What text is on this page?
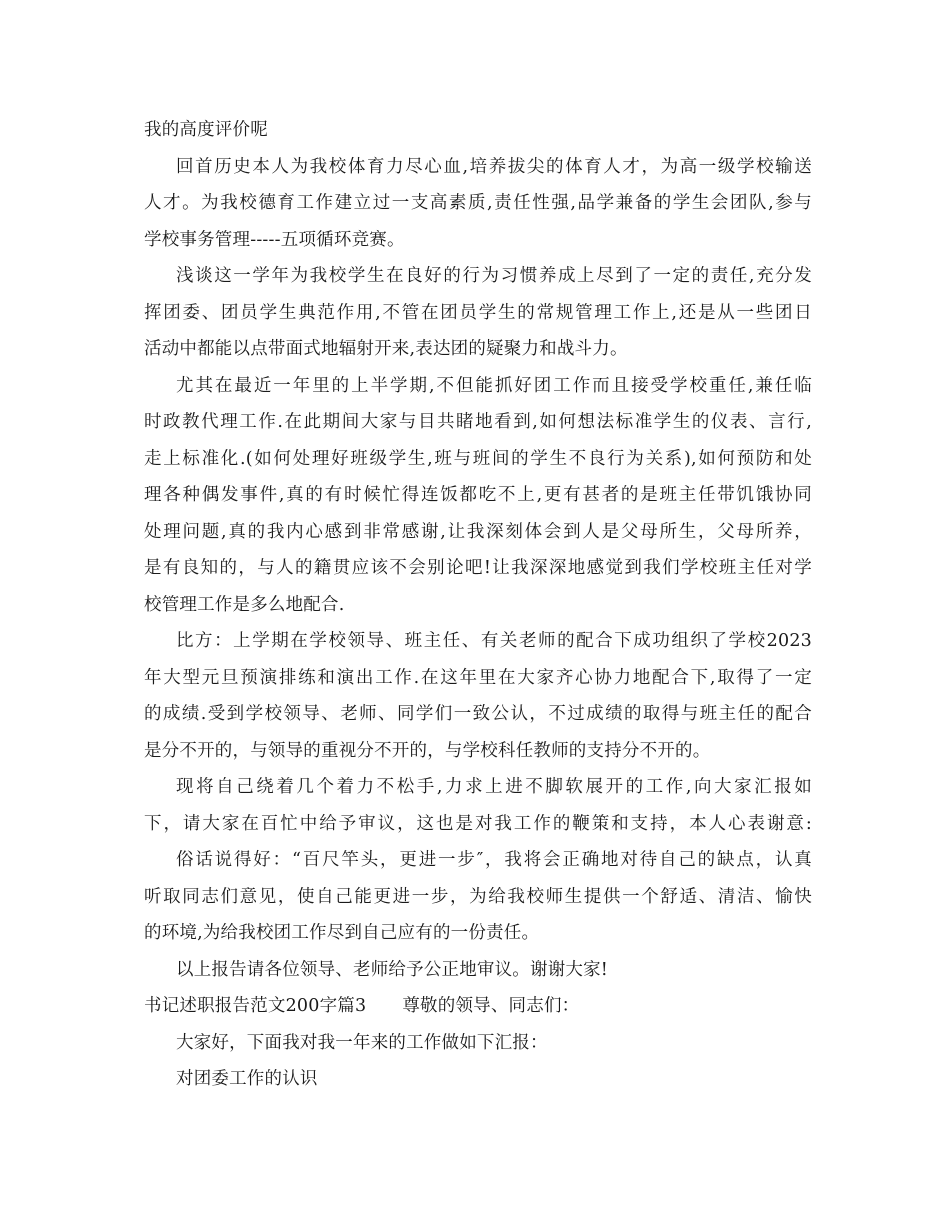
我的高度评价呢
回首历史本人为我校体育力尽心血,培养拔尖的体育人才，为高一级学校输送
人才。为我校德育工作建立过一支高素质,责任性强,品学兼备的学生会团队,参与
学校事务管理-----五项循环竞赛。
浅谈这一学年为我校学生在良好的行为习惯养成上尽到了一定的责任,充分发
挥团委、团员学生典范作用,不管在团员学生的常规管理工作上,还是从一些团日
活动中都能以点带面式地辐射开来,表达团的疑聚力和战斗力。
尤其在最近一年里的上半学期,不但能抓好团工作而且接受学校重任,兼任临
时政教代理工作.在此期间大家与目共睹地看到,如何想法标准学生的仪表、言行,
走上标准化.(如何处理好班级学生,班与班间的学生不良行为关系),如何预防和处
理各种偶发事件,真的有时候忙得连饭都吃不上,更有甚者的是班主任带饥饿协同
处理问题,真的我内心感到非常感谢,让我深刻体会到人是父母所生，父母所养，
是有良知的，与人的籍贯应该不会别论吧!让我深深地感觉到我们学校班主任对学
校管理工作是多么地配合.
比方：上学期在学校领导、班主任、有关老师的配合下成功组织了学校2023
年大型元旦预演排练和演出工作.在这年里在大家齐心协力地配合下,取得了一定
的成绩.受到学校领导、老师、同学们一致公认，不过成绩的取得与班主任的配合
是分不开的，与领导的重视分不开的，与学校科任教师的支持分不开的。
现将自己绕着几个着力不松手,力求上进不脚软展开的工作,向大家汇报如
下，请大家在百忙中给予审议，这也是对我工作的鞭策和支持，本人心表谢意:
俗话说得好：“百尺竿头，更进一步″，我将会正确地对待自己的缺点，认真
听取同志们意见，使自己能更进一步，为给我校师生提供一个舒适、清洁、愉快
的环境,为给我校团工作尽到自己应有的一份责任。
以上报告请各位领导、老师给予公正地审议。谢谢大家!
书记述职报告范文200字篇3 尊敬的领导、同志们：
大家好，下面我对我一年来的工作做如下汇报：
对团委工作的认识
